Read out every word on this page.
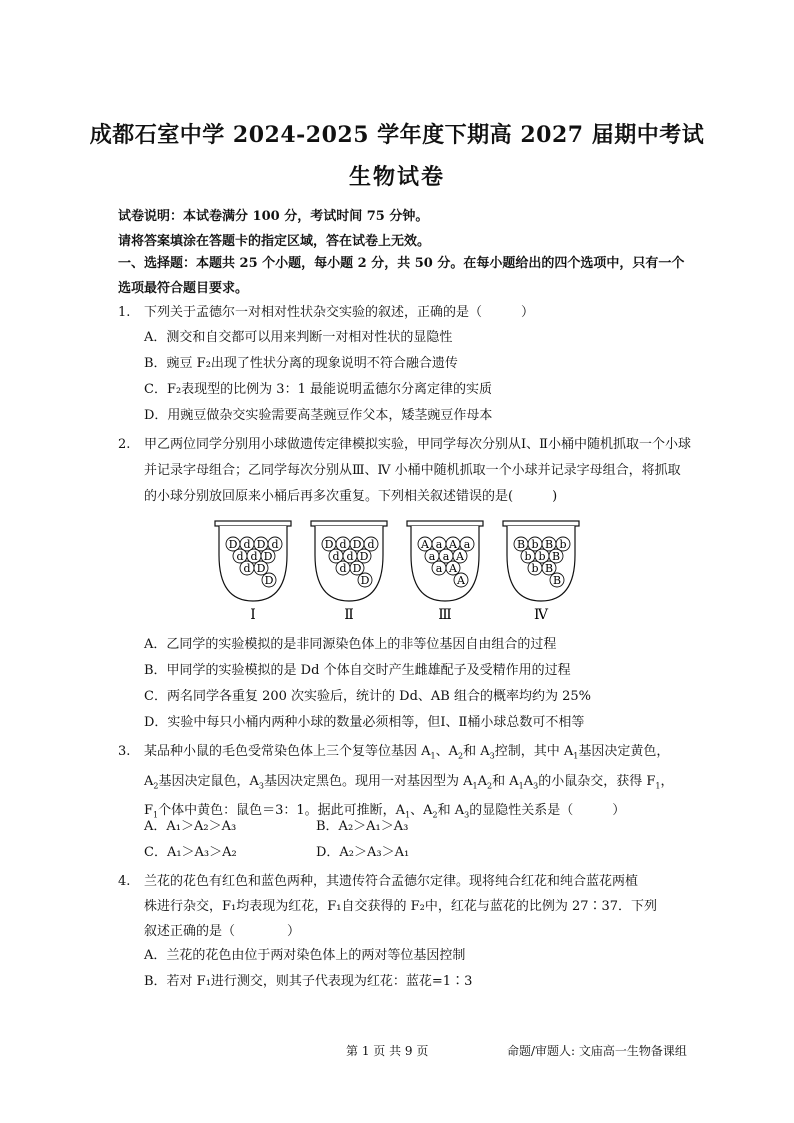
成都石室中学 2024-2025 学年度下期高 2027 届期中考试
生物试卷
试卷说明：本试卷满分 100 分，考试时间 75 分钟。
请将答案填涂在答题卡的指定区域，答在试卷上无效。
一、选择题：本题共 25 个小题，每小题 2 分，共 50 分。在每小题给出的四个选项中，只有一个选项最符合题目要求。
1. 下列关于孟德尔一对相对性状杂交实验的叙述，正确的是（　　　）
A．测交和自交都可以用来判断一对相对性状的显隐性
B．豌豆 F₂出现了性状分离的现象说明不符合融合遗传
C．F₂表现型的比例为 3：1 最能说明孟德尔分离定律的实质
D．用豌豆做杂交实验需要高茎豌豆作父本，矮茎豌豆作母本
2. 甲乙两位同学分别用小球做遗传定律模拟实验，甲同学每次分别从Ⅰ、Ⅱ小桶中随机抓取一个小球并记录字母组合；乙同学每次分别从Ⅲ、Ⅳ 小桶中随机抓取一个小球并记录字母组合，将抓取的小球分别放回原来小桶后再多次重复。下列相关叙述错误的是(　　　)
D d D d
d d D
d D
D
Ⅰ
D d D d
d d D
d D
D
Ⅱ
A a A a
a a A
a A
A
Ⅲ
B b B b
b b B
b B
B
Ⅳ
A．乙同学的实验模拟的是非同源染色体上的非等位基因自由组合的过程
B．甲同学的实验模拟的是 Dd 个体自交时产生雌雄配子及受精作用的过程
C．两名同学各重复 200 次实验后，统计的 Dd、AB 组合的概率均约为 25%
D．实验中每只小桶内两种小球的数量必须相等，但Ⅰ、Ⅱ桶小球总数可不相等
3. 某品种小鼠的毛色受常染色体上三个复等位基因 $A_1$、$A_2$和 $A_3$控制，其中 $A_1$基因决定黄色，
$A_2$基因决定鼠色，$A_3$基因决定黑色。现用一对基因型为 $A_1A_2$和 $A_1A_3$的小鼠杂交，获得 $F_1$，
$F_1$个体中黄色：鼠色＝3：1。据此可推断，$A_1$、$A_2$和 $A_3$的显隐性关系是（　　　）
A．A₁＞A₂＞A₃	B．A₂＞A₁＞A₃
C．A₁＞A₃＞A₂	D．A₂＞A₃＞A₁
4. 兰花的花色有红色和蓝色两种，其遗传符合孟德尔定律。现将纯合红花和纯合蓝花两植
株进行杂交，F₁均表现为红花，F₁自交获得的 F₂中，红花与蓝花的比例为 27∶37．下列
叙述正确的是（　　　　）
A．兰花的花色由位于两对染色体上的两对等位基因控制
B．若对 F₁进行测交，则其子代表现为红花：蓝花=1∶3
第 1 页 共 9 页	命题/审题人: 文庙高一生物备课组
